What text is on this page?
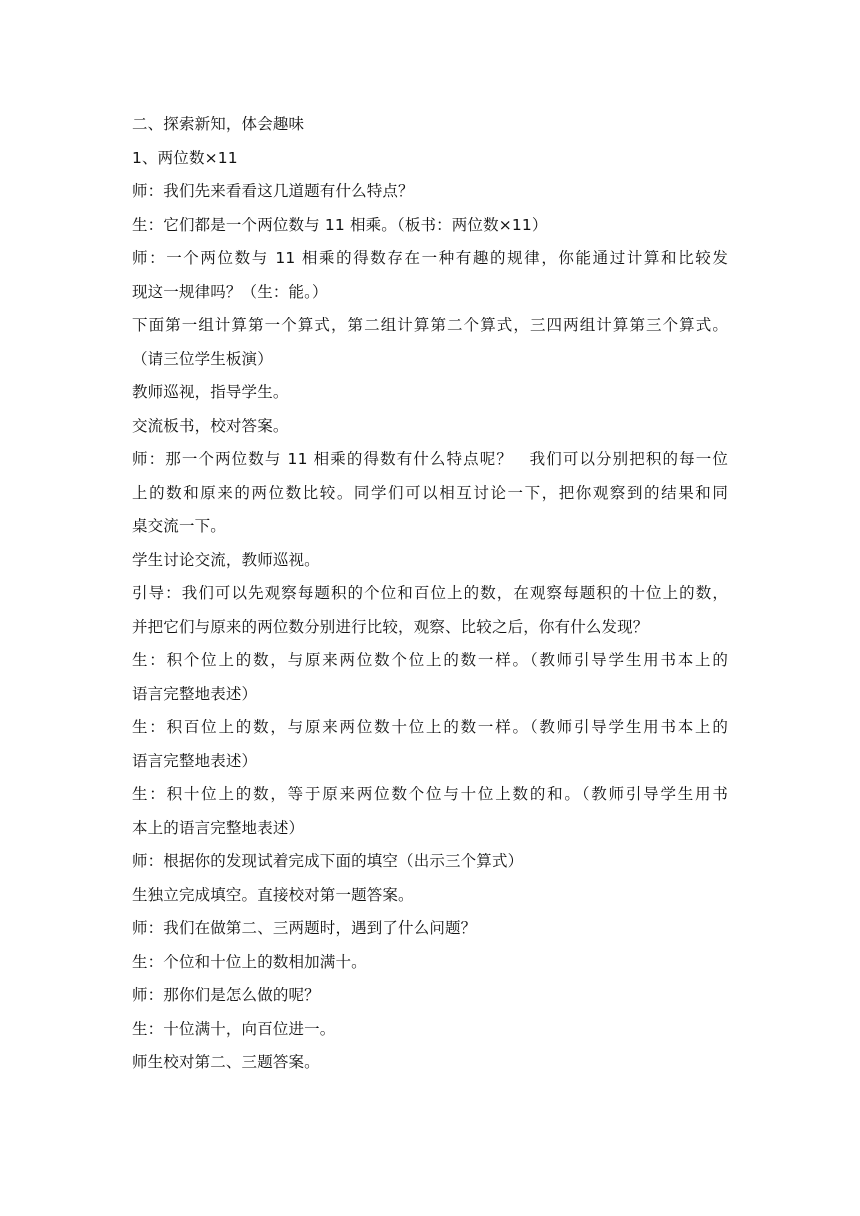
二、探索新知，体会趣味
1、两位数×11
师：我们先来看看这几道题有什么特点？
生：它们都是一个两位数与 11 相乘。（板书：两位数×11）
师：一个两位数与 11 相乘的得数存在一种有趣的规律，你能通过计算和比较发
现这一规律吗？（生：能。）
下面第一组计算第一个算式，第二组计算第二个算式，三四两组计算第三个算式。
（请三位学生板演）
教师巡视，指导学生。
交流板书，校对答案。
师：那一个两位数与 11 相乘的得数有什么特点呢？　我们可以分别把积的每一位
上的数和原来的两位数比较。同学们可以相互讨论一下，把你观察到的结果和同
桌交流一下。
学生讨论交流，教师巡视。
引导：我们可以先观察每题积的个位和百位上的数，在观察每题积的十位上的数，
并把它们与原来的两位数分别进行比较，观察、比较之后，你有什么发现？
生：积个位上的数，与原来两位数个位上的数一样。（教师引导学生用书本上的
语言完整地表述）
生：积百位上的数，与原来两位数十位上的数一样。（教师引导学生用书本上的
语言完整地表述）
生：积十位上的数，等于原来两位数个位与十位上数的和。（教师引导学生用书
本上的语言完整地表述）
师：根据你的发现试着完成下面的填空（出示三个算式）
生独立完成填空。直接校对第一题答案。
师：我们在做第二、三两题时，遇到了什么问题？
生：个位和十位上的数相加满十。
师：那你们是怎么做的呢？
生：十位满十，向百位进一。
师生校对第二、三题答案。
